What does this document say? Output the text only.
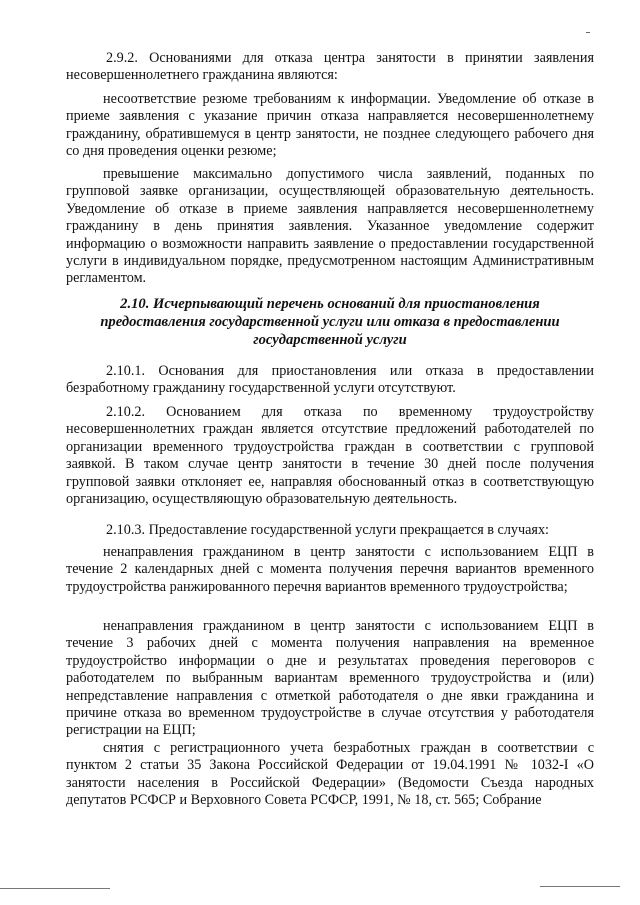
2.9.2. Основаниями для отказа центра занятости в принятии заявления несовершеннолетнего гражданина являются:

несоответствие резюме требованиям к информации. Уведомление об отказе в приеме заявления с указание причин отказа направляется несовершеннолетнему гражданину, обратившемуся в центр занятости, не позднее следующего рабочего дня со дня проведения оценки резюме;

превышение максимально допустимого числа заявлений, поданных по групповой заявке организации, осуществляющей образовательную деятельность. Уведомление об отказе в приеме заявления направляется несовершеннолетнему гражданину в день принятия заявления. Указанное уведомление содержит информацию о возможности направить заявление о предоставлении государственной услуги в индивидуальном порядке, предусмотренном настоящим Административным регламентом.

2.10. Исчерпывающий перечень оснований для приостановления предоставления государственной услуги или отказа в предоставлении государственной услуги

2.10.1. Основания для приостановления или отказа в предоставлении безработному гражданину государственной услуги отсутствуют.

2.10.2. Основанием для отказа по временному трудоустройству несовершеннолетних граждан является отсутствие предложений работодателей по организации временного трудоустройства граждан в соответствии с групповой заявкой. В таком случае центр занятости в течение 30 дней после получения групповой заявки отклоняет ее, направляя обоснованный отказ в соответствующую организацию, осуществляющую образовательную деятельность.

2.10.3. Предоставление государственной услуги прекращается в случаях:

ненаправления гражданином в центр занятости с использованием ЕЦП в течение 2 календарных дней с момента получения перечня вариантов временного трудоустройства ранжированного перечня вариантов временного трудоустройства;

ненаправления гражданином в центр занятости с использованием ЕЦП в течение 3 рабочих дней с момента получения направления на временное трудоустройство информации о дне и результатах проведения переговоров с работодателем по выбранным вариантам временного трудоустройства и (или) непредставление направления с отметкой работодателя о дне явки гражданина и причине отказа во временном трудоустройстве в случае отсутствия у работодателя регистрации на ЕЦП;

снятия с регистрационного учета безработных граждан в соответствии с пунктом 2 статьи 35 Закона Российской Федерации от 19.04.1991 № 1032-I «О занятости населения в Российской Федерации» (Ведомости Съезда народных депутатов РСФСР и Верховного Совета РСФСР, 1991, № 18, ст. 565; Собрание
